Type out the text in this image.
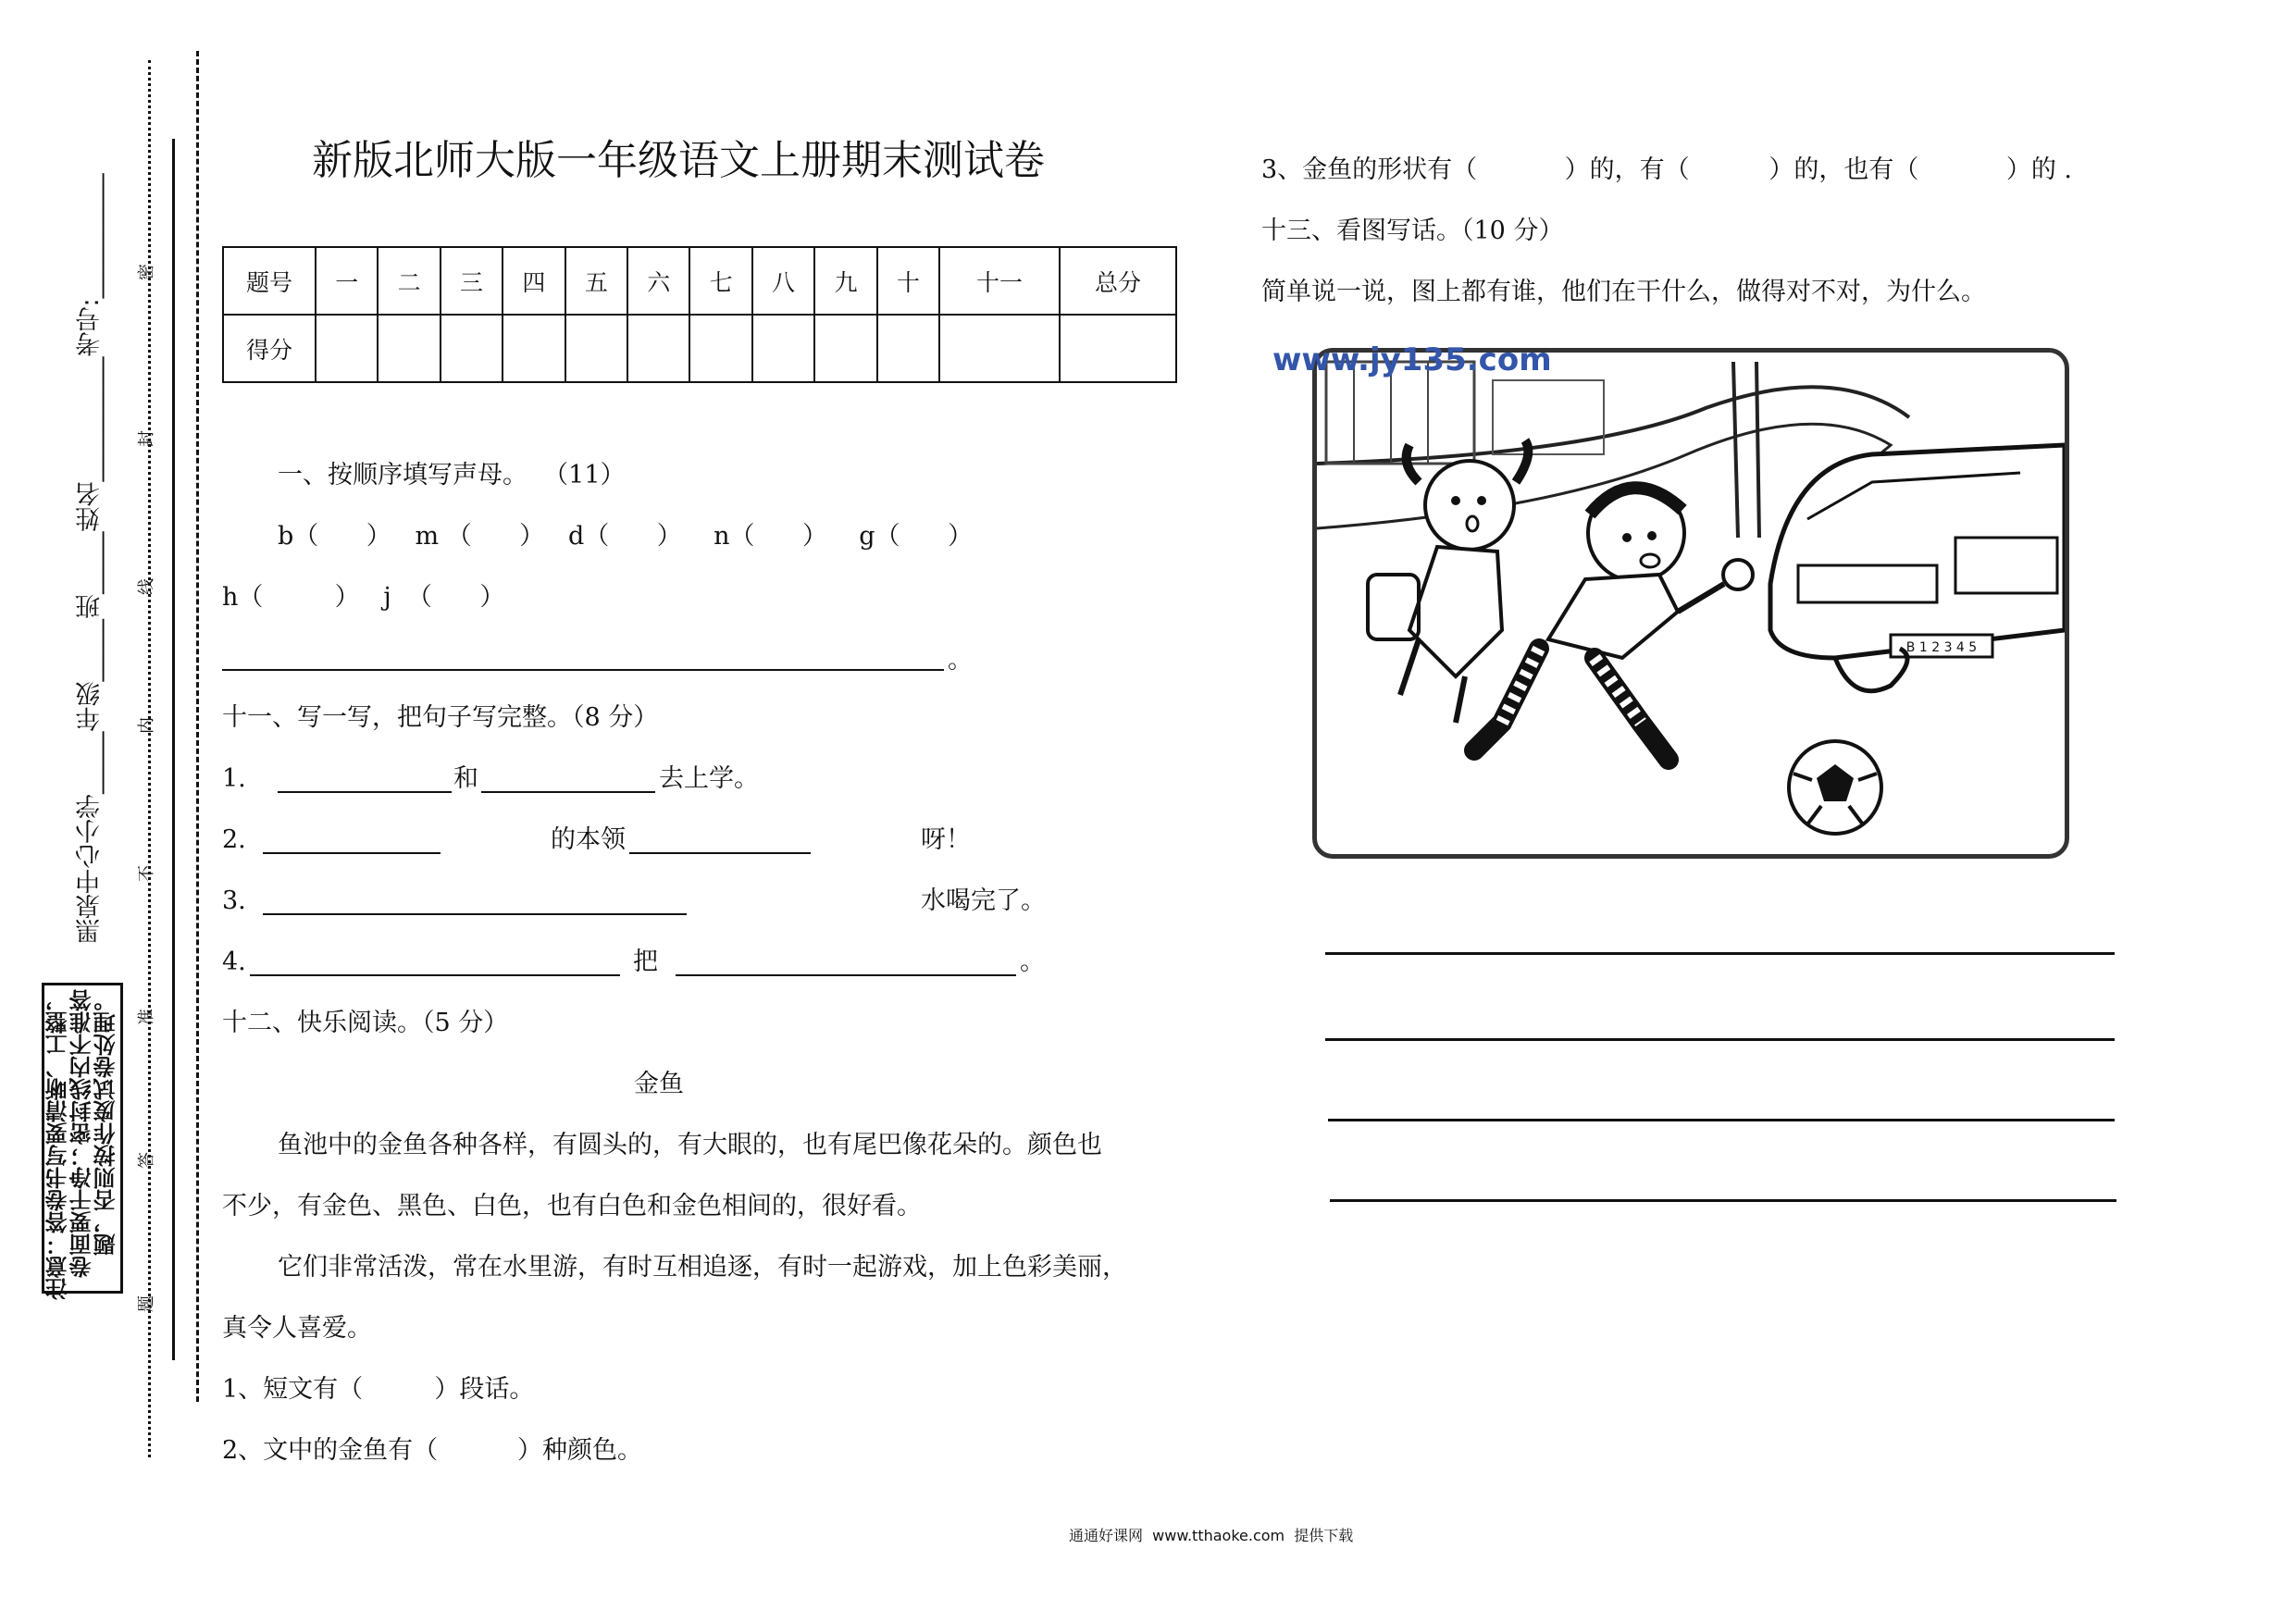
黑泉中心小学_____年级_____班_____姓名__________考号:__________ 密
封
线
内
不
准
答
题
注意：答卷书写要清晰、工整，
卷面要干净；密封线内不准答
题，否则按作废试卷处理。
新版北师大版一年级语文上册期末测试卷
题号	一	二	三	四	五	六	七	八	九	十	十一	总分
得分												
一、按顺序填写声母。  （11）
b（      ）   m （      ）   d（      ）    n（      ）    g（      ）
h（         ）   j  （      ）
。
十一、写一写，把句子写完整。（8 分）
1.	和	去上学。
2.	的本领	呀！
3.	水喝完了。
4.	把	。
十二、快乐阅读。（5 分）
金鱼
鱼池中的金鱼各种各样，有圆头的，有大眼的，也有尾巴像花朵的。颜色也
不少，有金色、黑色、白色，也有白色和金色相间的，很好看。
它们非常活泼，常在水里游，有时互相追逐，有时一起游戏，加上色彩美丽，
真令人喜爱。
1、短文有（         ）段话。
2、文中的金鱼有（          ）种颜色。
3、金鱼的形状有（           ）的，有（          ）的，也有（           ）的 .
十三、看图写话。（10 分）
简单说一说，图上都有谁，他们在干什么，做得对不对，为什么。
B 1 2 3 4 5
www.jy135.com
通通好课网  www.tthaoke.com  提供下载
